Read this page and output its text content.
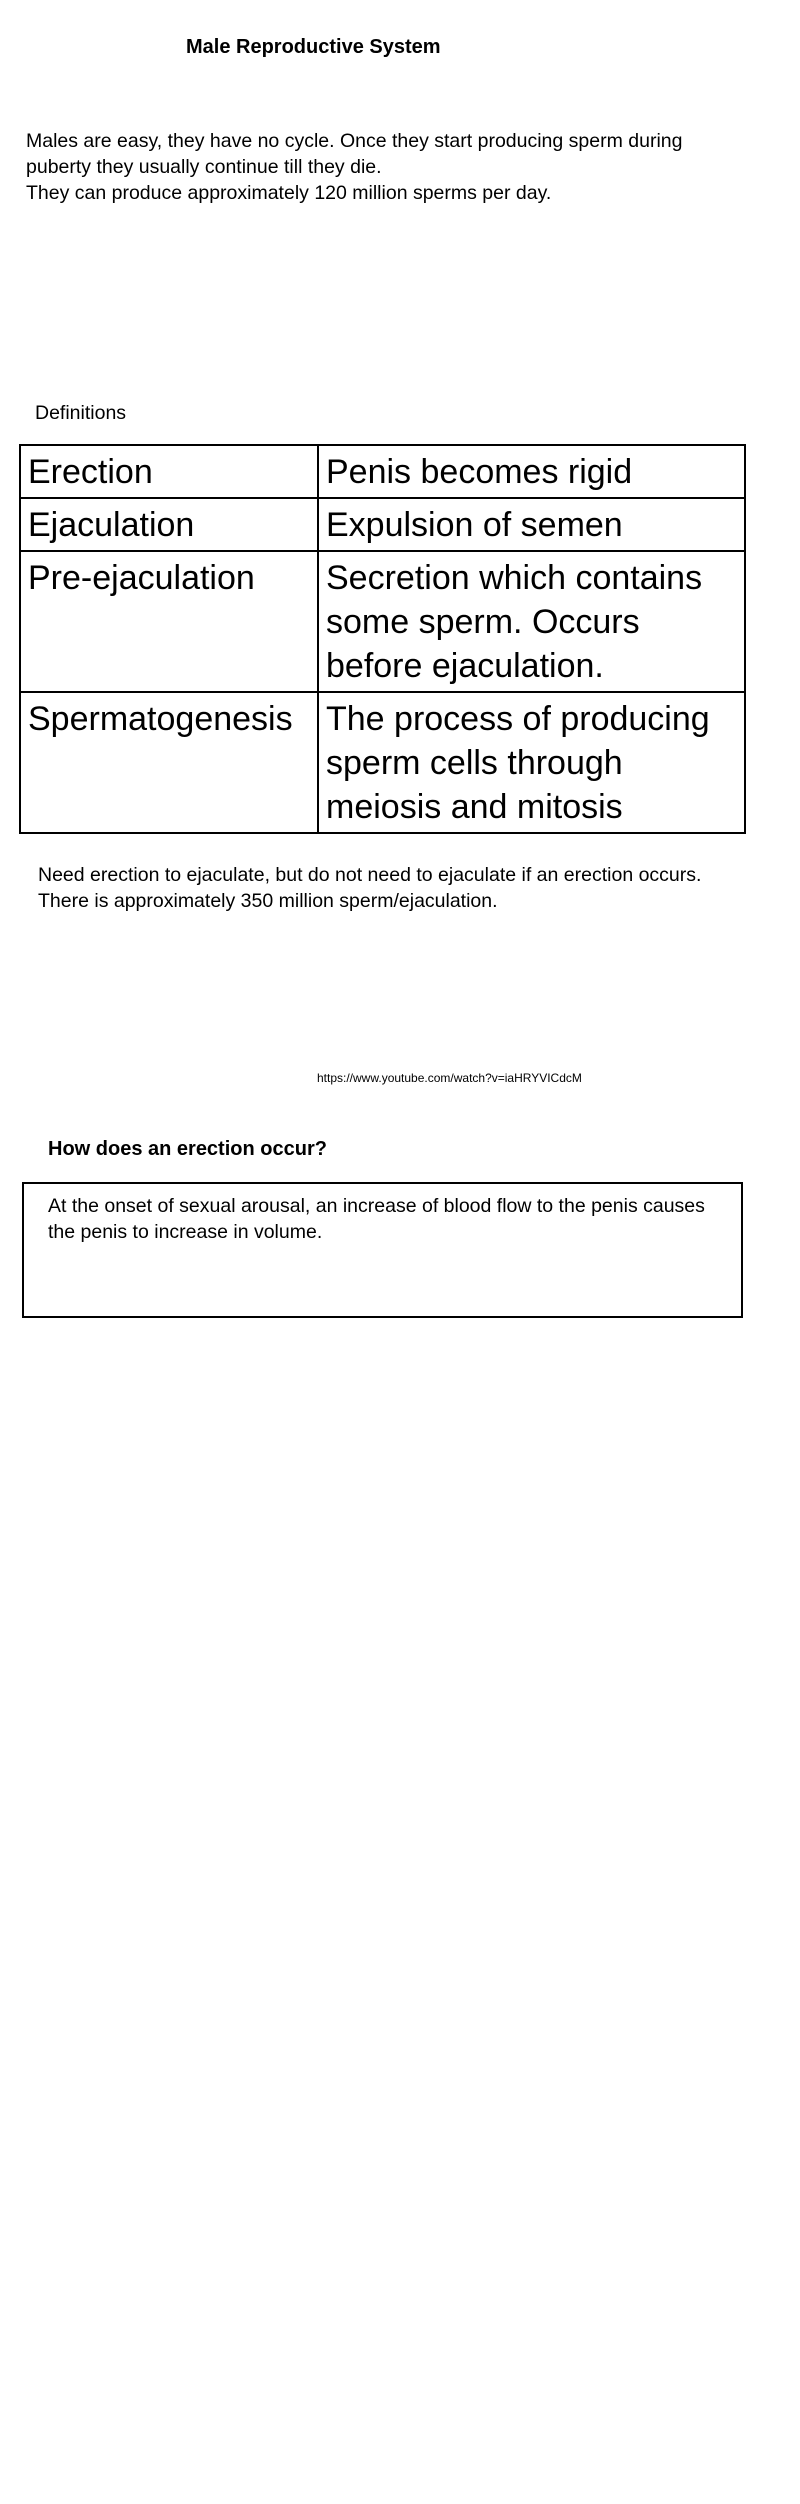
Male Reproductive System
Males are easy, they have no cycle. Once they start producing sperm during
puberty they usually continue till they die.
They can produce approximately 120 million sperms per day.
Definitions
Erection	Penis becomes rigid
Ejaculation	Expulsion of semen
Pre-ejaculation	Secretion which contains
some sperm. Occurs
before ejaculation.
Spermatogenesis	The process of producing
sperm cells through
meiosis and mitosis
Need erection to ejaculate, but do not need to ejaculate if an erection occurs.
There is approximately 350 million sperm/ejaculation.
https://www.youtube.com/watch?v=iaHRYVICdcM
How does an erection occur?
At the onset of sexual arousal, an increase of blood flow to the penis causes
the penis to increase in volume.
